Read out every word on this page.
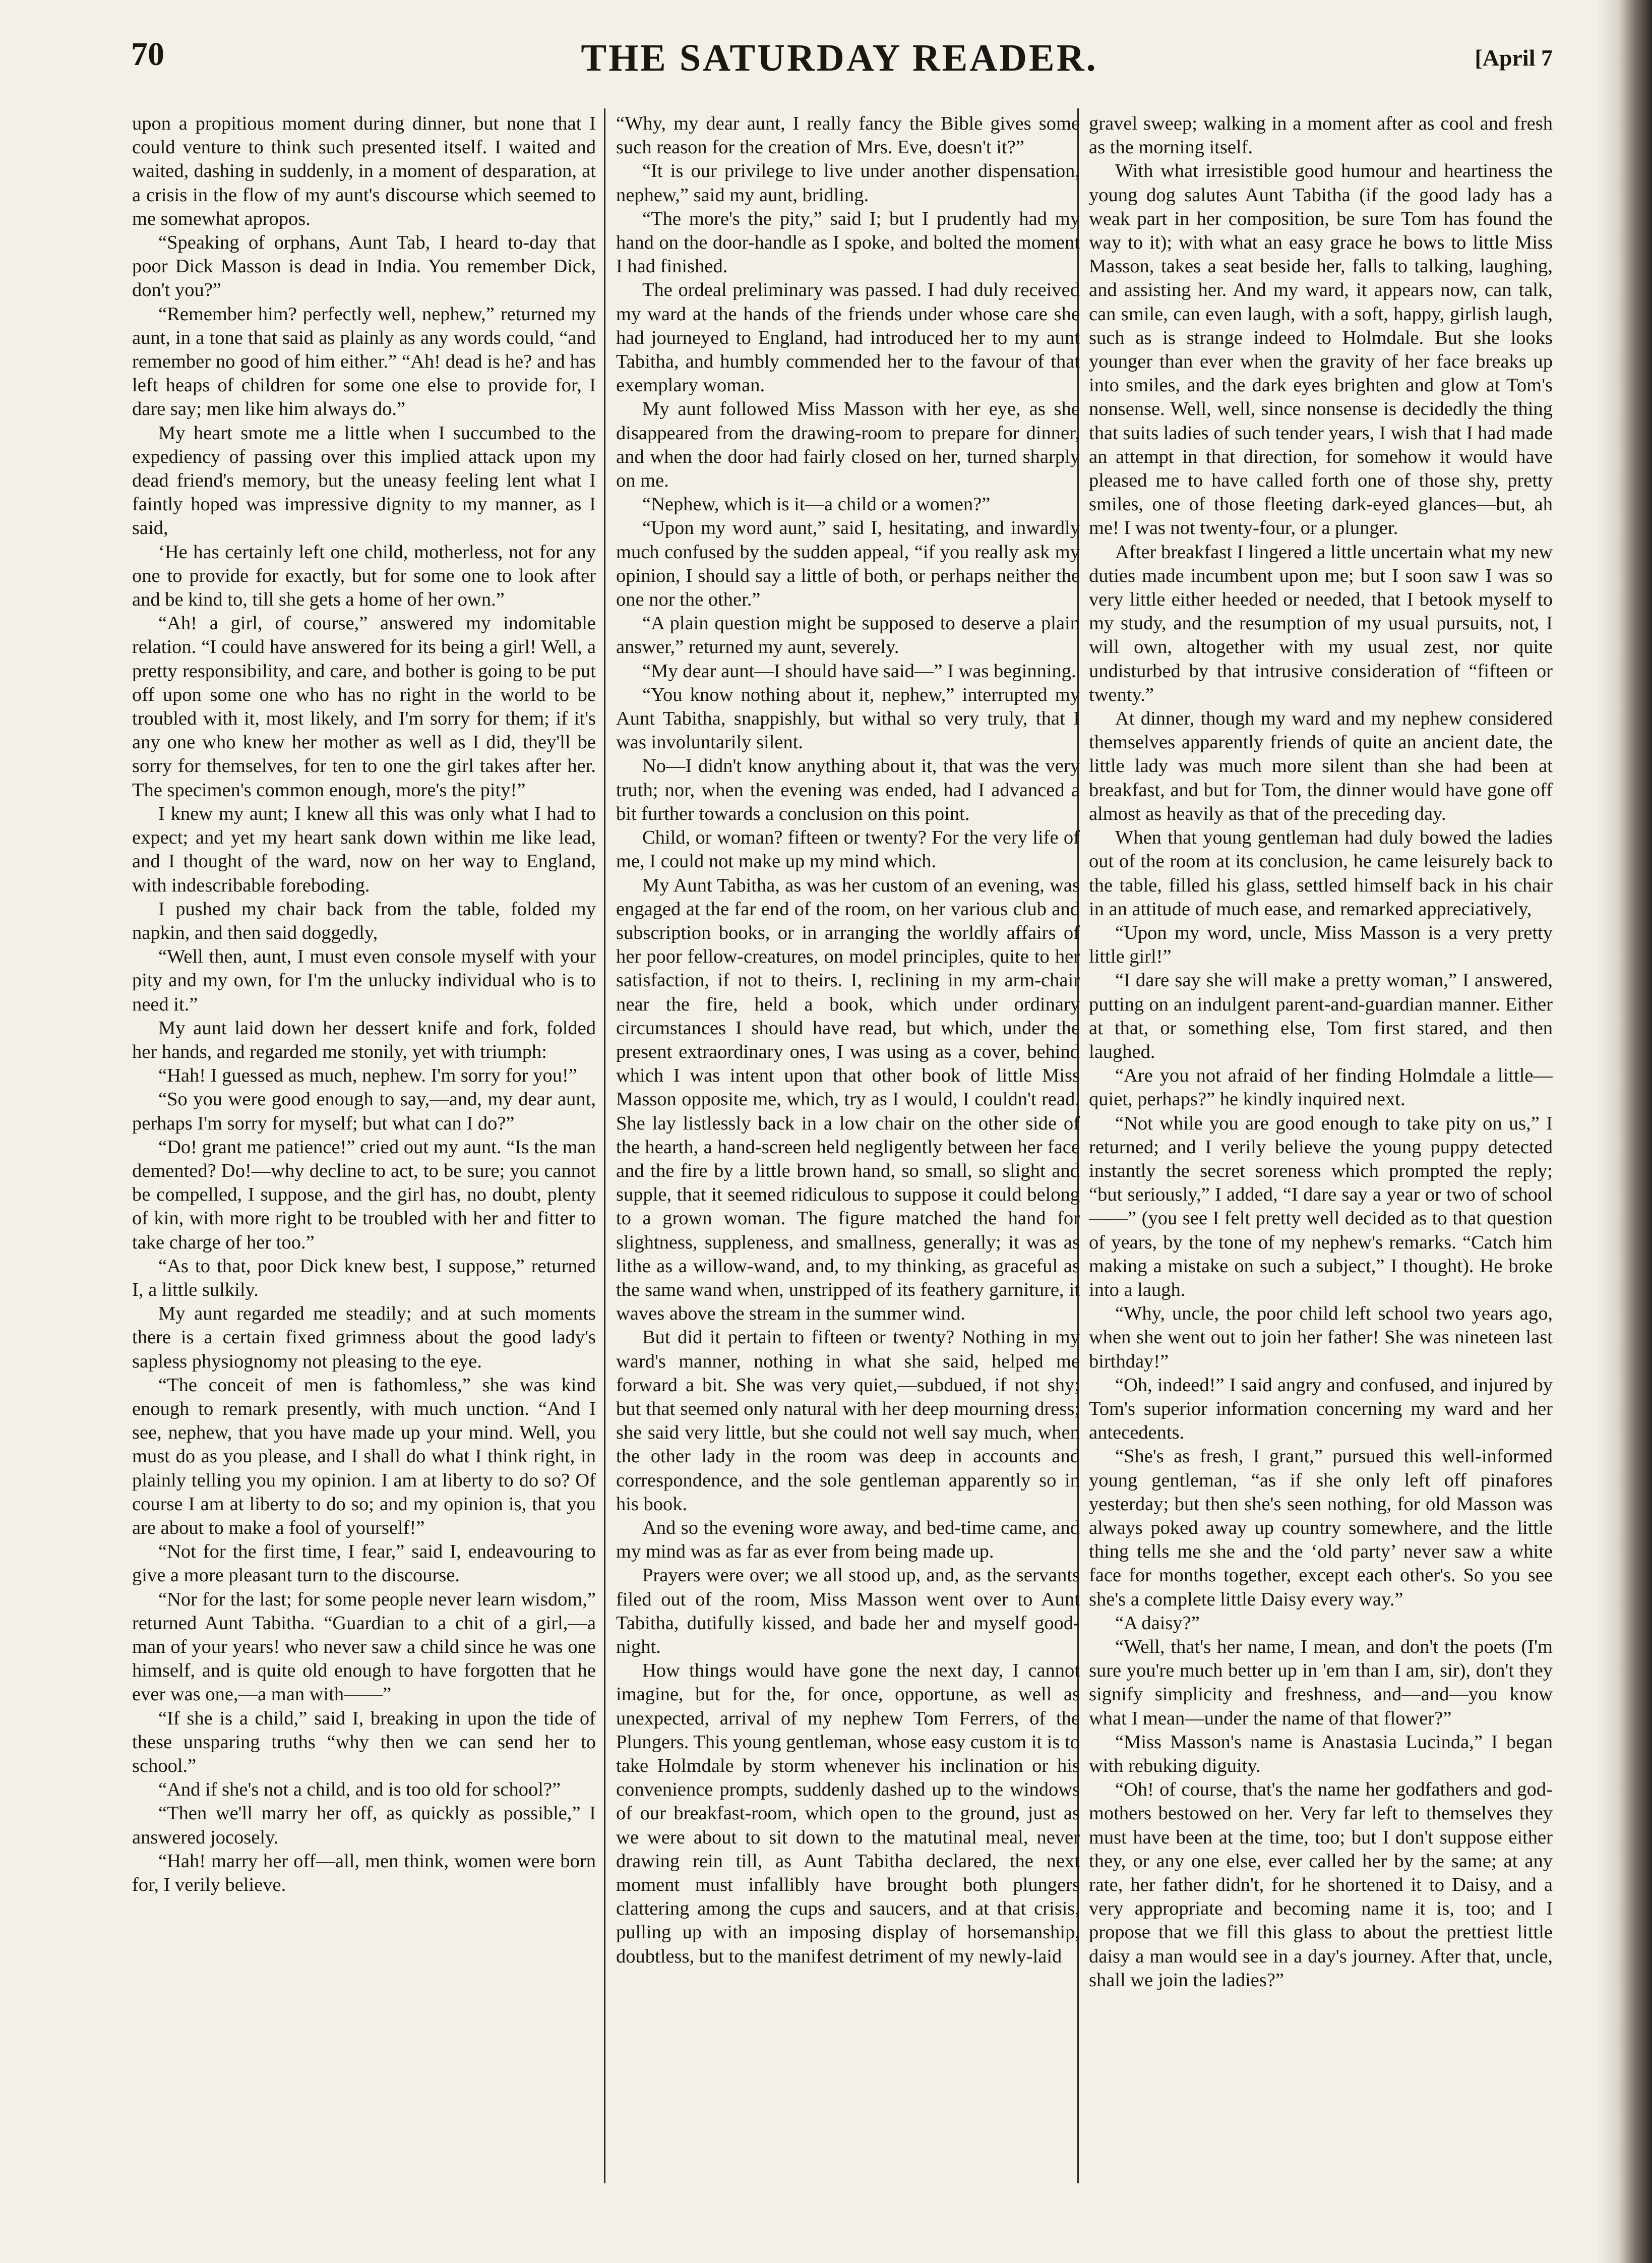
70	THE SATURDAY READER.	[April 7

upon a propitious moment during dinner, but none that I could venture to think such presented itself. I waited and waited, dashing in suddenly, in a moment of desparation, at a crisis in the flow of my aunt's discourse which seemed to me somewhat apropos.

“Speaking of orphans, Aunt Tab, I heard to-day that poor Dick Masson is dead in India. You remember Dick, don't you?”

“Remember him? perfectly well, nephew,” returned my aunt, in a tone that said as plainly as any words could, “and remember no good of him either.” “Ah! dead is he? and has left heaps of children for some one else to provide for, I dare say; men like him always do.”

My heart smote me a little when I succumbed to the expediency of passing over this implied attack upon my dead friend's memory, but the uneasy feeling lent what I faintly hoped was impressive dignity to my manner, as I said,

‘He has certainly left one child, motherless, not for any one to provide for exactly, but for some one to look after and be kind to, till she gets a home of her own.”

“Ah! a girl, of course,” answered my indomitable relation. “I could have answered for its being a girl! Well, a pretty responsibility, and care, and bother is going to be put off upon some one who has no right in the world to be troubled with it, most likely, and I'm sorry for them; if it's any one who knew her mother as well as I did, they'll be sorry for themselves, for ten to one the girl takes after her. The specimen's common enough, more's the pity!”

I knew my aunt; I knew all this was only what I had to expect; and yet my heart sank down within me like lead, and I thought of the ward, now on her way to England, with indescribable foreboding.

I pushed my chair back from the table, folded my napkin, and then said doggedly,

“Well then, aunt, I must even console myself with your pity and my own, for I'm the unlucky individual who is to need it.”

My aunt laid down her dessert knife and fork, folded her hands, and regarded me stonily, yet with triumph:

“Hah! I guessed as much, nephew. I'm sorry for you!”

“So you were good enough to say,—and, my dear aunt, perhaps I'm sorry for myself; but what can I do?”

“Do! grant me patience!” cried out my aunt. “Is the man demented? Do!—why decline to act, to be sure; you cannot be compelled, I suppose, and the girl has, no doubt, plenty of kin, with more right to be troubled with her and fitter to take charge of her too.”

“As to that, poor Dick knew best, I suppose,” returned I, a little sulkily.

My aunt regarded me steadily; and at such moments there is a certain fixed grimness about the good lady's sapless physiognomy not pleasing to the eye.

“The conceit of men is fathomless,” she was kind enough to remark presently, with much unction. “And I see, nephew, that you have made up your mind. Well, you must do as you please, and I shall do what I think right, in plainly telling you my opinion. I am at liberty to do so? Of course I am at liberty to do so; and my opinion is, that you are about to make a fool of yourself!”

“Not for the first time, I fear,” said I, endeavouring to give a more pleasant turn to the discourse.

“Nor for the last; for some people never learn wisdom,” returned Aunt Tabitha. “Guardian to a chit of a girl,—a man of your years! who never saw a child since he was one himself, and is quite old enough to have forgotten that he ever was one,—a man with——”

“If she is a child,” said I, breaking in upon the tide of these unsparing truths “why then we can send her to school.”

“And if she's not a child, and is too old for school?”

“Then we'll marry her off, as quickly as possible,” I answered jocosely.

“Hah! marry her off—all, men think, women were born for, I verily believe.

“Why, my dear aunt, I really fancy the Bible gives some such reason for the creation of Mrs. Eve, doesn't it?”

“It is our privilege to live under another dispensation, nephew,” said my aunt, bridling.

“The more's the pity,” said I; but I prudently had my hand on the door-handle as I spoke, and bolted the moment I had finished.

The ordeal preliminary was passed. I had duly received my ward at the hands of the friends under whose care she had journeyed to England, had introduced her to my aunt Tabitha, and humbly commended her to the favour of that exemplary woman.

My aunt followed Miss Masson with her eye, as she disappeared from the drawing-room to prepare for dinner, and when the door had fairly closed on her, turned sharply on me.

“Nephew, which is it—a child or a women?”

“Upon my word aunt,” said I, hesitating, and inwardly much confused by the sudden appeal, “if you really ask my opinion, I should say a little of both, or perhaps neither the one nor the other.”

“A plain question might be supposed to deserve a plain answer,” returned my aunt, severely.

“My dear aunt—I should have said—” I was beginning.

“You know nothing about it, nephew,” interrupted my Aunt Tabitha, snappishly, but withal so very truly, that I was involuntarily silent.

No—I didn't know anything about it, that was the very truth; nor, when the evening was ended, had I advanced a bit further towards a conclusion on this point.

Child, or woman? fifteen or twenty? For the very life of me, I could not make up my mind which.

My Aunt Tabitha, as was her custom of an evening, was engaged at the far end of the room, on her various club and subscription books, or in arranging the worldly affairs of her poor fellow-creatures, on model principles, quite to her satisfaction, if not to theirs. I, reclining in my arm-chair near the fire, held a book, which under ordinary circumstances I should have read, but which, under the present extraordinary ones, I was using as a cover, behind which I was intent upon that other book of little Miss Masson opposite me, which, try as I would, I couldn't read. She lay listlessly back in a low chair on the other side of the hearth, a hand-screen held negligently between her face and the fire by a little brown hand, so small, so slight and supple, that it seemed ridiculous to suppose it could belong to a grown woman. The figure matched the hand for slightness, suppleness, and smallness, generally; it was as lithe as a willow-wand, and, to my thinking, as graceful as the same wand when, unstripped of its feathery garniture, it waves above the stream in the summer wind.

But did it pertain to fifteen or twenty? Nothing in my ward's manner, nothing in what she said, helped me forward a bit. She was very quiet,—subdued, if not shy; but that seemed only natural with her deep mourning dress; she said very little, but she could not well say much, when the other lady in the room was deep in accounts and correspondence, and the sole gentleman apparently so in his book.

And so the evening wore away, and bed-time came, and my mind was as far as ever from being made up.

Prayers were over; we all stood up, and, as the servants filed out of the room, Miss Masson went over to Aunt Tabitha, dutifully kissed, and bade her and myself good-night.

How things would have gone the next day, I cannot imagine, but for the, for once, opportune, as well as unexpected, arrival of my nephew Tom Ferrers, of the Plungers. This young gentleman, whose easy custom it is to take Holmdale by storm whenever his inclination or his convenience prompts, suddenly dashed up to the windows of our breakfast-room, which open to the ground, just as we were about to sit down to the matutinal meal, never drawing rein till, as Aunt Tabitha declared, the next moment must infallibly have brought both plungers clattering among the cups and saucers, and at that crisis, pulling up with an imposing display of horsemanship, doubtless, but to the manifest detriment of my newly-laid

gravel sweep; walking in a moment after as cool and fresh as the morning itself.

With what irresistible good humour and heartiness the young dog salutes Aunt Tabitha (if the good lady has a weak part in her composition, be sure Tom has found the way to it); with what an easy grace he bows to little Miss Masson, takes a seat beside her, falls to talking, laughing, and assisting her. And my ward, it appears now, can talk, can smile, can even laugh, with a soft, happy, girlish laugh, such as is strange indeed to Holmdale. But she looks younger than ever when the gravity of her face breaks up into smiles, and the dark eyes brighten and glow at Tom's nonsense. Well, well, since nonsense is decidedly the thing that suits ladies of such tender years, I wish that I had made an attempt in that direction, for somehow it would have pleased me to have called forth one of those shy, pretty smiles, one of those fleeting dark-eyed glances—but, ah me! I was not twenty-four, or a plunger.

After breakfast I lingered a little uncertain what my new duties made incumbent upon me; but I soon saw I was so very little either heeded or needed, that I betook myself to my study, and the resumption of my usual pursuits, not, I will own, altogether with my usual zest, nor quite undisturbed by that intrusive consideration of “fifteen or twenty.”

At dinner, though my ward and my nephew considered themselves apparently friends of quite an ancient date, the little lady was much more silent than she had been at breakfast, and but for Tom, the dinner would have gone off almost as heavily as that of the preceding day.

When that young gentleman had duly bowed the ladies out of the room at its conclusion, he came leisurely back to the table, filled his glass, settled himself back in his chair in an attitude of much ease, and remarked appreciatively,

“Upon my word, uncle, Miss Masson is a very pretty little girl!”

“I dare say she will make a pretty woman,” I answered, putting on an indulgent parent-and-guardian manner. Either at that, or something else, Tom first stared, and then laughed.

“Are you not afraid of her finding Holmdale a little—quiet, perhaps?” he kindly inquired next.

“Not while you are good enough to take pity on us,” I returned; and I verily believe the young puppy detected instantly the secret soreness which prompted the reply; “but seriously,” I added, “I dare say a year or two of school——” (you see I felt pretty well decided as to that question of years, by the tone of my nephew's remarks. “Catch him making a mistake on such a subject,” I thought). He broke into a laugh.

“Why, uncle, the poor child left school two years ago, when she went out to join her father! She was nineteen last birthday!”

“Oh, indeed!” I said angry and confused, and injured by Tom's superior information concerning my ward and her antecedents.

“She's as fresh, I grant,” pursued this well-informed young gentleman, “as if she only left off pinafores yesterday; but then she's seen nothing, for old Masson was always poked away up country somewhere, and the little thing tells me she and the ‘old party’ never saw a white face for months together, except each other's. So you see she's a complete little Daisy every way.”

“A daisy?”

“Well, that's her name, I mean, and don't the poets (I'm sure you're much better up in 'em than I am, sir), don't they signify simplicity and freshness, and—and—you know what I mean—under the name of that flower?”

“Miss Masson's name is Anastasia Lucinda,” I began with rebuking diguity.

“Oh! of course, that's the name her godfathers and god-mothers bestowed on her. Very far left to themselves they must have been at the time, too; but I don't suppose either they, or any one else, ever called her by the same; at any rate, her father didn't, for he shortened it to Daisy, and a very appropriate and becoming name it is, too; and I propose that we fill this glass to about the prettiest little daisy a man would see in a day's journey. After that, uncle, shall we join the ladies?”
